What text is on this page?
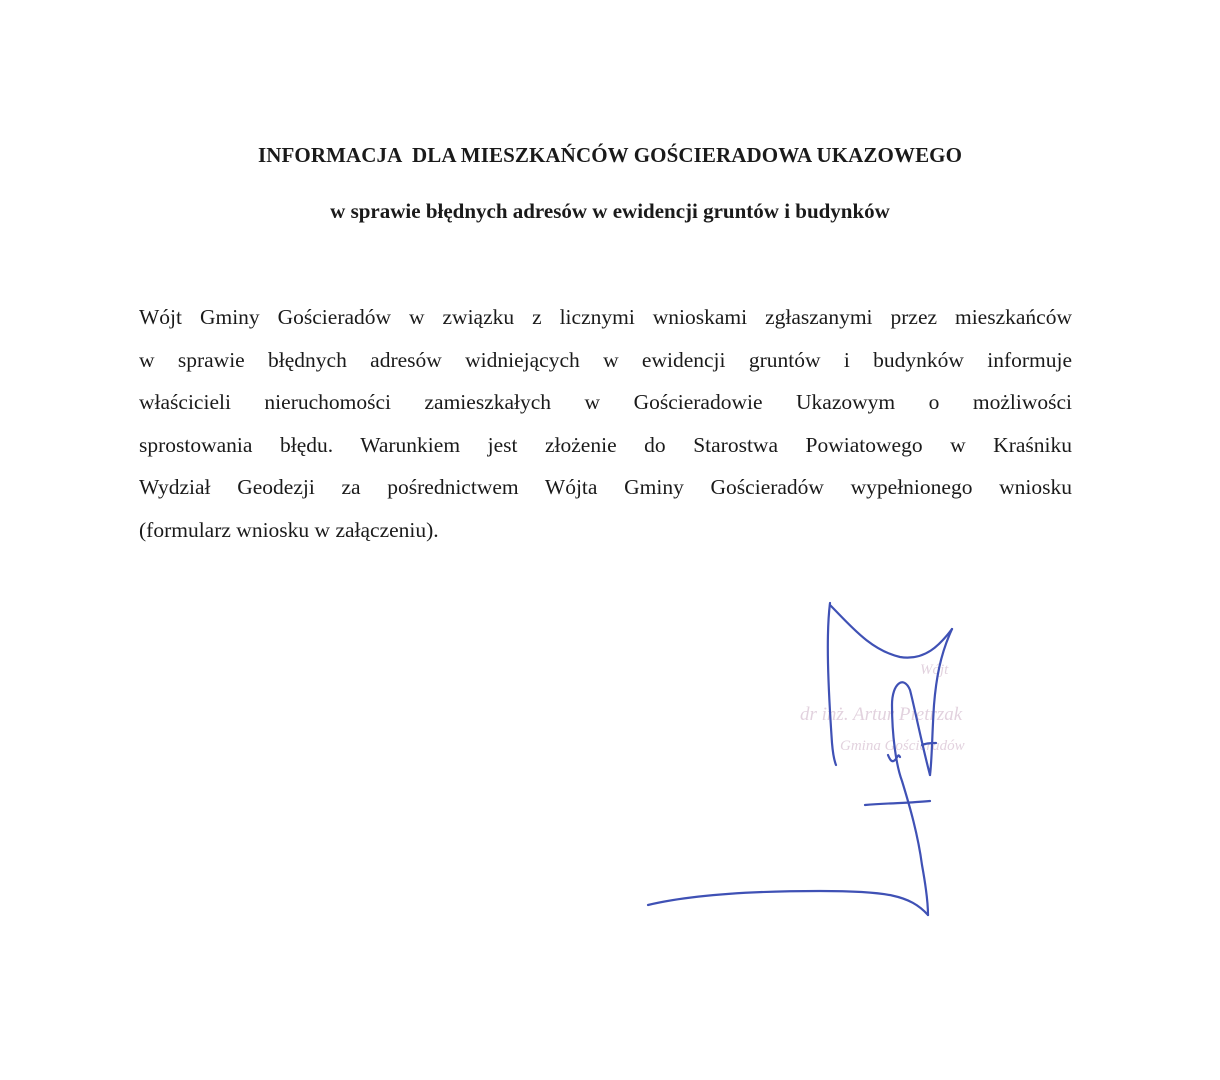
INFORMACJA  DLA MIESZKAŃCÓW GOŚCIERADOWA UKAZOWEGO
w sprawie błędnych adresów w ewidencji gruntów i budynków
Wójt Gminy Gościeradów w związku z licznymi wnioskami zgłaszanymi przez mieszkańców
w sprawie błędnych adresów widniejących w ewidencji gruntów i budynków informuje
właścicieli nieruchomości zamieszkałych w Gościeradowie Ukazowym o możliwości
sprostowania błędu. Warunkiem jest złożenie do Starostwa Powiatowego w Kraśniku
Wydział Geodezji za pośrednictwem Wójta Gminy Gościeradów wypełnionego wniosku
(formularz wniosku w załączeniu).
Wójt
dr inż. Artur Pietrzak
Gmina Gościeradów
